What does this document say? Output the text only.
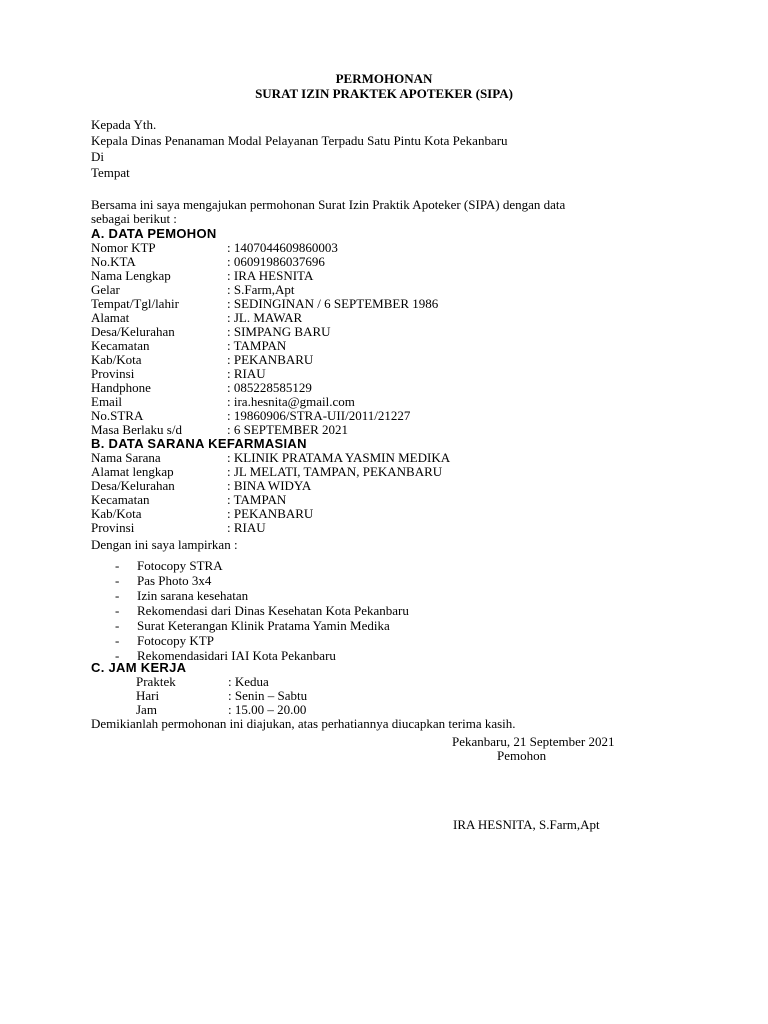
PERMOHONAN
SURAT IZIN PRAKTEK APOTEKER (SIPA)
Kepada Yth.
Kepala Dinas Penanaman Modal Pelayanan Terpadu Satu Pintu Kota Pekanbaru
Di
Tempat
Bersama ini saya mengajukan permohonan Surat Izin Praktik Apoteker (SIPA) dengan data
sebagai berikut :
A. DATA PEMOHON
Nomor KTP	: 1407044609860003
No.KTA	: 06091986037696
Nama Lengkap	: IRA HESNITA
Gelar	: S.Farm,Apt
Tempat/Tgl/lahir	: SEDINGINAN / 6 SEPTEMBER 1986
Alamat	: JL. MAWAR
Desa/Kelurahan	: SIMPANG BARU
Kecamatan	: TAMPAN
Kab/Kota	: PEKANBARU
Provinsi	: RIAU
Handphone	: 085228585129
Email	: ira.hesnita@gmail.com
No.STRA	: 19860906/STRA-UII/2011/21227
Masa Berlaku s/d	: 6 SEPTEMBER 2021
B. DATA SARANA KEFARMASIAN
Nama Sarana	: KLINIK PRATAMA YASMIN MEDIKA
Alamat lengkap	: JL MELATI, TAMPAN, PEKANBARU
Desa/Kelurahan	: BINA WIDYA
Kecamatan	: TAMPAN
Kab/Kota	: PEKANBARU
Provinsi	: RIAU
Dengan ini saya lampirkan :
- Fotocopy STRA
- Pas Photo 3x4
- Izin sarana kesehatan
- Rekomendasi dari Dinas Kesehatan Kota Pekanbaru
- Surat Keterangan Klinik Pratama Yamin Medika
- Fotocopy KTP
- Rekomendasidari IAI Kota Pekanbaru
C. JAM KERJA
Praktek	: Kedua
Hari	: Senin – Sabtu
Jam	: 15.00 – 20.00
Demikianlah permohonan ini diajukan, atas perhatiannya diucapkan terima kasih.
Pekanbaru, 21 September 2021
Pemohon
IRA HESNITA, S.Farm,Apt
